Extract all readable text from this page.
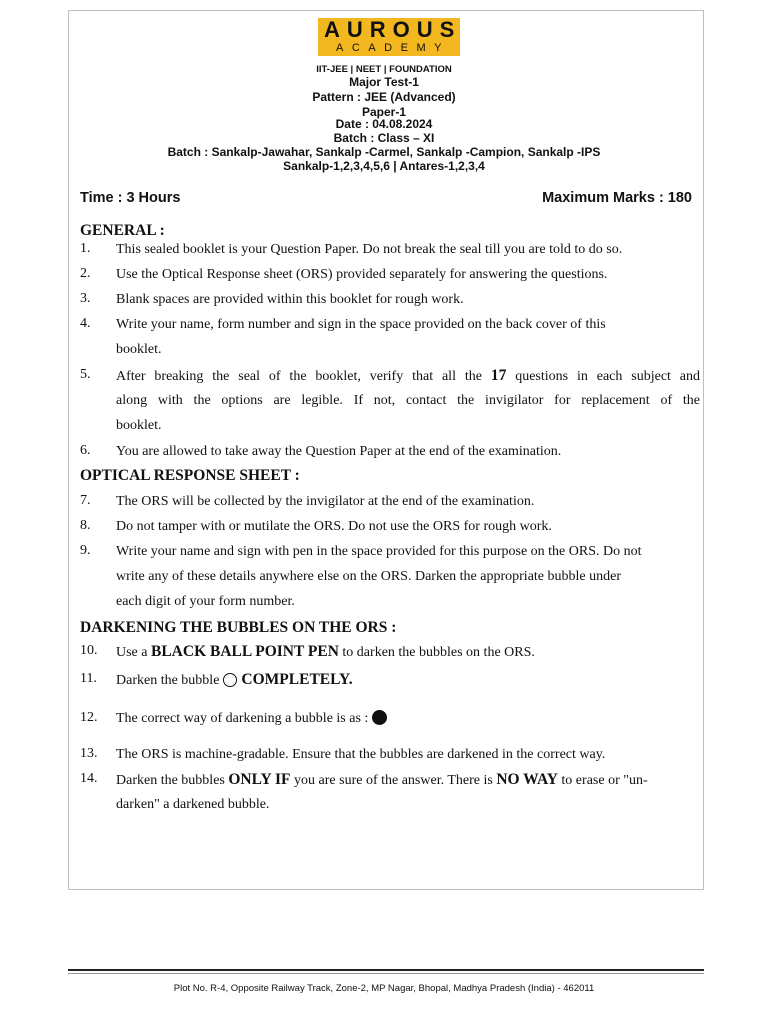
AUROUS
ACADEMY
IIT-JEE | NEET | FOUNDATION
Major Test-1
Pattern : JEE (Advanced)
Paper-1
Date : 04.08.2024
Batch : Class – XI
Batch : Sankalp-Jawahar, Sankalp -Carmel, Sankalp -Campion, Sankalp -IPS
Sankalp-1,2,3,4,5,6 | Antares-1,2,3,4
Time : 3 Hours	Maximum Marks : 180
GENERAL :
1. This sealed booklet is your Question Paper. Do not break the seal till you are told to do so.
2. Use the Optical Response sheet (ORS) provided separately for answering the questions.
3. Blank spaces are provided within this booklet for rough work.
4. Write your name, form number and sign in the space provided on the back cover of this
booklet.
5. After breaking the seal of the booklet, verify that all the 17 questions in each subject and
along with the options are legible. If not, contact the invigilator for replacement of the
booklet.
6. You are allowed to take away the Question Paper at the end of the examination.
OPTICAL RESPONSE SHEET :
7. The ORS will be collected by the invigilator at the end of the examination.
8. Do not tamper with or mutilate the ORS. Do not use the ORS for rough work.
9. Write your name and sign with pen in the space provided for this purpose on the ORS. Do not
write any of these details anywhere else on the ORS. Darken the appropriate bubble under
each digit of your form number.
DARKENING THE BUBBLES ON THE ORS :
10. Use a BLACK BALL POINT PEN to darken the bubbles on the ORS.
11. Darken the bubble COMPLETELY.
12. The correct way of darkening a bubble is as :
13. The ORS is machine-gradable. Ensure that the bubbles are darkened in the correct way.
14. Darken the bubbles ONLY IF you are sure of the answer. There is NO WAY to erase or "un-
darken" a darkened bubble.
Plot No. R-4, Opposite Railway Track, Zone-2, MP Nagar, Bhopal, Madhya Pradesh (India) - 462011
